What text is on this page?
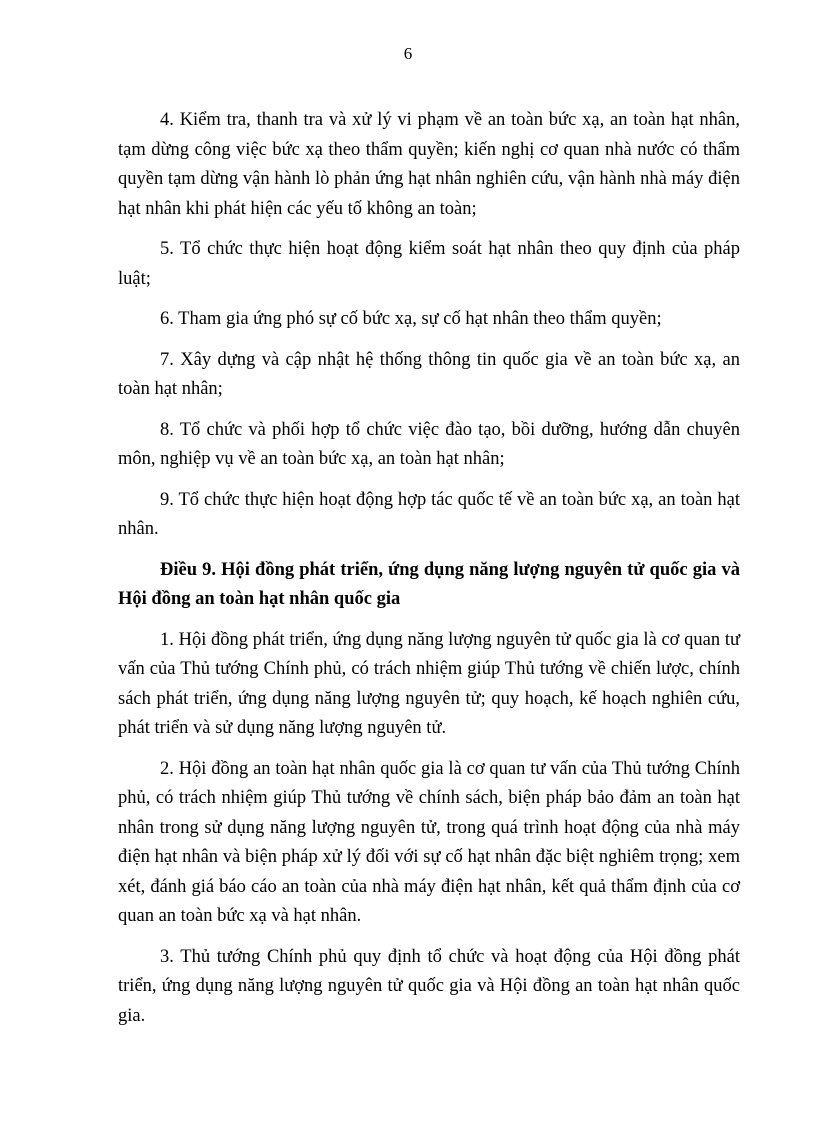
6

4. Kiểm tra, thanh tra và xử lý vi phạm về an toàn bức xạ, an toàn hạt nhân, tạm dừng công việc bức xạ theo thẩm quyền; kiến nghị cơ quan nhà nước có thẩm quyền tạm dừng vận hành lò phản ứng hạt nhân nghiên cứu, vận hành nhà máy điện hạt nhân khi phát hiện các yếu tố không an toàn;

5. Tổ chức thực hiện hoạt động kiểm soát hạt nhân theo quy định của pháp luật;

6. Tham gia ứng phó sự cố bức xạ, sự cố hạt nhân theo thẩm quyền;

7. Xây dựng và cập nhật hệ thống thông tin quốc gia về an toàn bức xạ, an toàn hạt nhân;

8. Tổ chức và phối hợp tổ chức việc đào tạo, bồi dưỡng, hướng dẫn chuyên môn, nghiệp vụ về an toàn bức xạ, an toàn hạt nhân;

9. Tổ chức thực hiện hoạt động hợp tác quốc tế về an toàn bức xạ, an toàn hạt nhân.

Điều 9. Hội đồng phát triển, ứng dụng năng lượng nguyên tử quốc gia và Hội đồng an toàn hạt nhân quốc gia

1. Hội đồng phát triển, ứng dụng năng lượng nguyên tử quốc gia là cơ quan tư vấn của Thủ tướng Chính phủ, có trách nhiệm giúp Thủ tướng về chiến lược, chính sách phát triển, ứng dụng năng lượng nguyên tử; quy hoạch, kế hoạch nghiên cứu, phát triển và sử dụng năng lượng nguyên tử.

2. Hội đồng an toàn hạt nhân quốc gia là cơ quan tư vấn của Thủ tướng Chính phủ, có trách nhiệm giúp Thủ tướng về chính sách, biện pháp bảo đảm an toàn hạt nhân trong sử dụng năng lượng nguyên tử, trong quá trình hoạt động của nhà máy điện hạt nhân và biện pháp xử lý đối với sự cố hạt nhân đặc biệt nghiêm trọng; xem xét, đánh giá báo cáo an toàn của nhà máy điện hạt nhân, kết quả thẩm định của cơ quan an toàn bức xạ và hạt nhân.

3. Thủ tướng Chính phủ quy định tổ chức và hoạt động của Hội đồng phát triển, ứng dụng năng lượng nguyên tử quốc gia và Hội đồng an toàn hạt nhân quốc gia.
